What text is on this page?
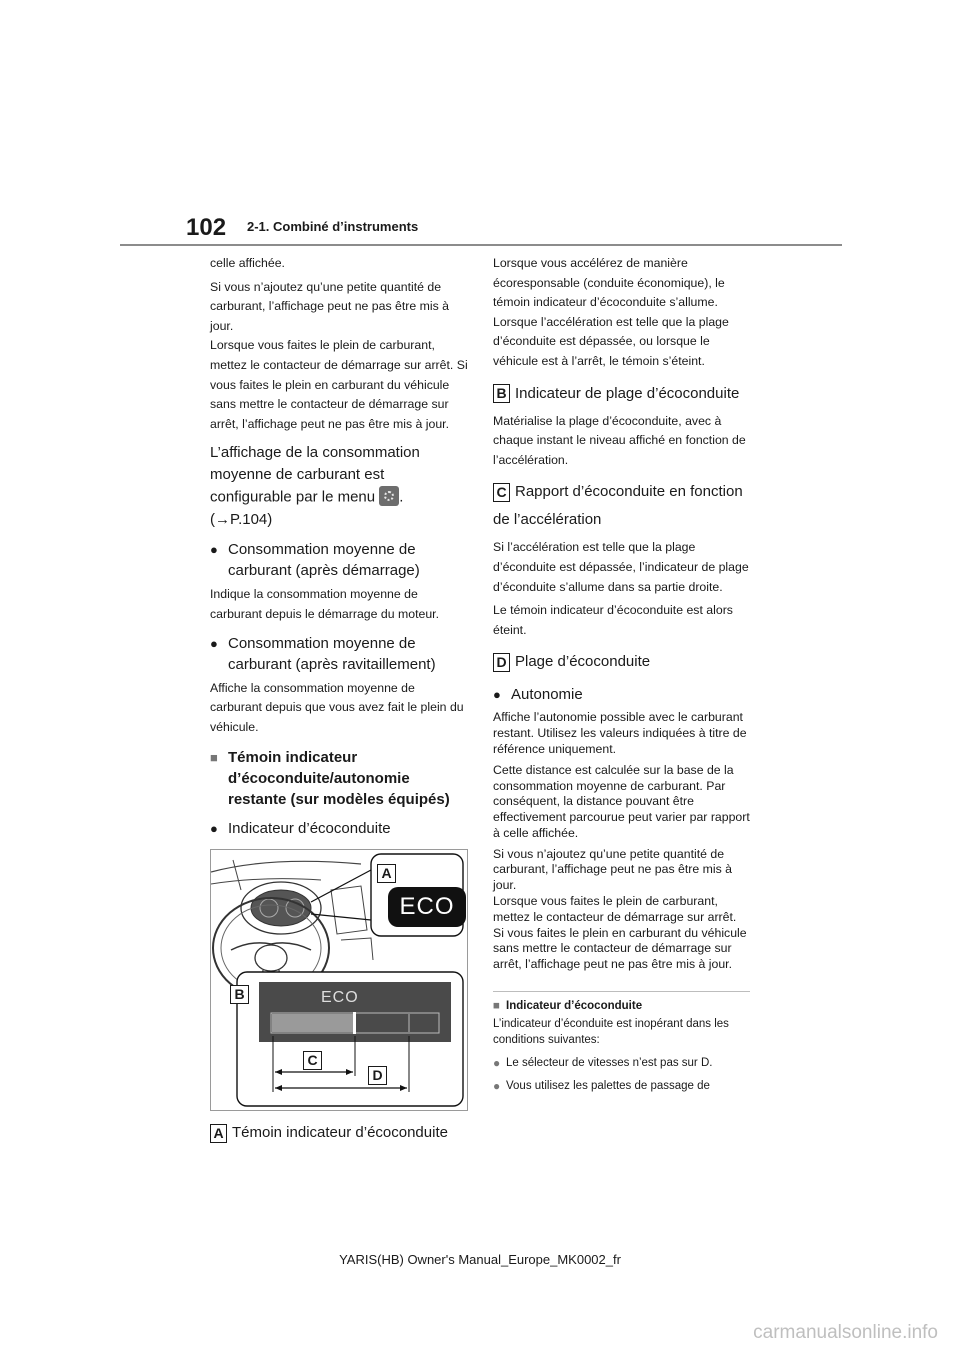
102 2-1. Combiné d’instruments

celle affichée.

Si vous n’ajoutez qu’une petite quantité de carburant, l’affichage peut ne pas être mis à jour.

Lorsque vous faites le plein de carburant, mettez le contacteur de démarrage sur arrêt. Si vous faites le plein en carburant du véhicule sans mettre le contacteur de démarrage sur arrêt, l’affichage peut ne pas être mis à jour.

L’affichage de la consommation moyenne de carburant est configurable par le menu . (→P.104)

● Consommation moyenne de carburant (après démarrage)

Indique la consommation moyenne de carburant depuis le démarrage du moteur.

● Consommation moyenne de carburant (après ravitaillement)

Affiche la consommation moyenne de carburant depuis que vous avez fait le plein du véhicule.

■ Témoin indicateur d’écoconduite/autonomie restante (sur modèles équipés)
● Indicateur d’écoconduite
ECO
ECO
A
B
C
D
A Témoin indicateur d’écoconduite

Lorsque vous accélérez de manière écoresponsable (conduite économique), le témoin indicateur d’écoconduite s’allume. Lorsque l’accélération est telle que la plage d’éconduite est dépassée, ou lorsque le véhicule est à l’arrêt, le témoin s’éteint.

B Indicateur de plage d’écoconduite

Matérialise la plage d’écoconduite, avec à chaque instant le niveau affiché en fonction de l’accélération.

C Rapport d’écoconduite en fonction de l’accélération

Si l’accélération est telle que la plage d’éconduite est dépassée, l’indicateur de plage d’éconduite s’allume dans sa partie droite.

Le témoin indicateur d’écoconduite est alors éteint.

D Plage d’écoconduite
● Autonomie

Affiche l’autonomie possible avec le carburant restant. Utilisez les valeurs indiquées à titre de référence uniquement.

Cette distance est calculée sur la base de la consommation moyenne de carburant. Par conséquent, la distance pouvant être effectivement parcourue peut varier par rapport à celle affichée.

Si vous n’ajoutez qu’une petite quantité de carburant, l’affichage peut ne pas être mis à jour.

Lorsque vous faites le plein de carburant, mettez le contacteur de démarrage sur arrêt. Si vous faites le plein en carburant du véhicule sans mettre le contacteur de démarrage sur arrêt, l’affichage peut ne pas être mis à jour.

■ Indicateur d’écoconduite

L’indicateur d’éconduite est inopérant dans les conditions suivantes:

● Le sélecteur de vitesses n’est pas sur D.
● Vous utilisez les palettes de passage de
YARIS(HB) Owner's Manual_Europe_MK0002_fr
carmanualsonline.info
